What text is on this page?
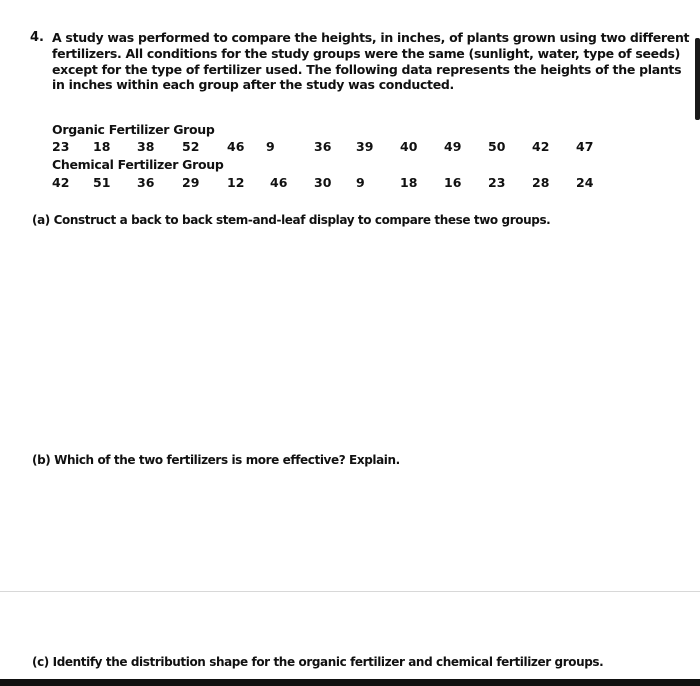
4. A study was performed to compare the heights, in inches, of plants grown using two different
fertilizers. All conditions for the study groups were the same (sunlight, water, type of seeds)
except for the type of fertilizer used. The following data represents the heights of the plants
in inches within each group after the study was conducted.
Organic Fertilizer Group
23 18 38 52 46 9	36 39 40 49 50 42 47
Chemical Fertilizer Group
42 51 36 29 12 46 30 9	18 16 23 28 24
(a) Construct a back to back stem-and-leaf display to compare these two groups.
(b) Which of the two fertilizers is more effective? Explain.
(c) Identify the distribution shape for the organic fertilizer and chemical fertilizer groups.
